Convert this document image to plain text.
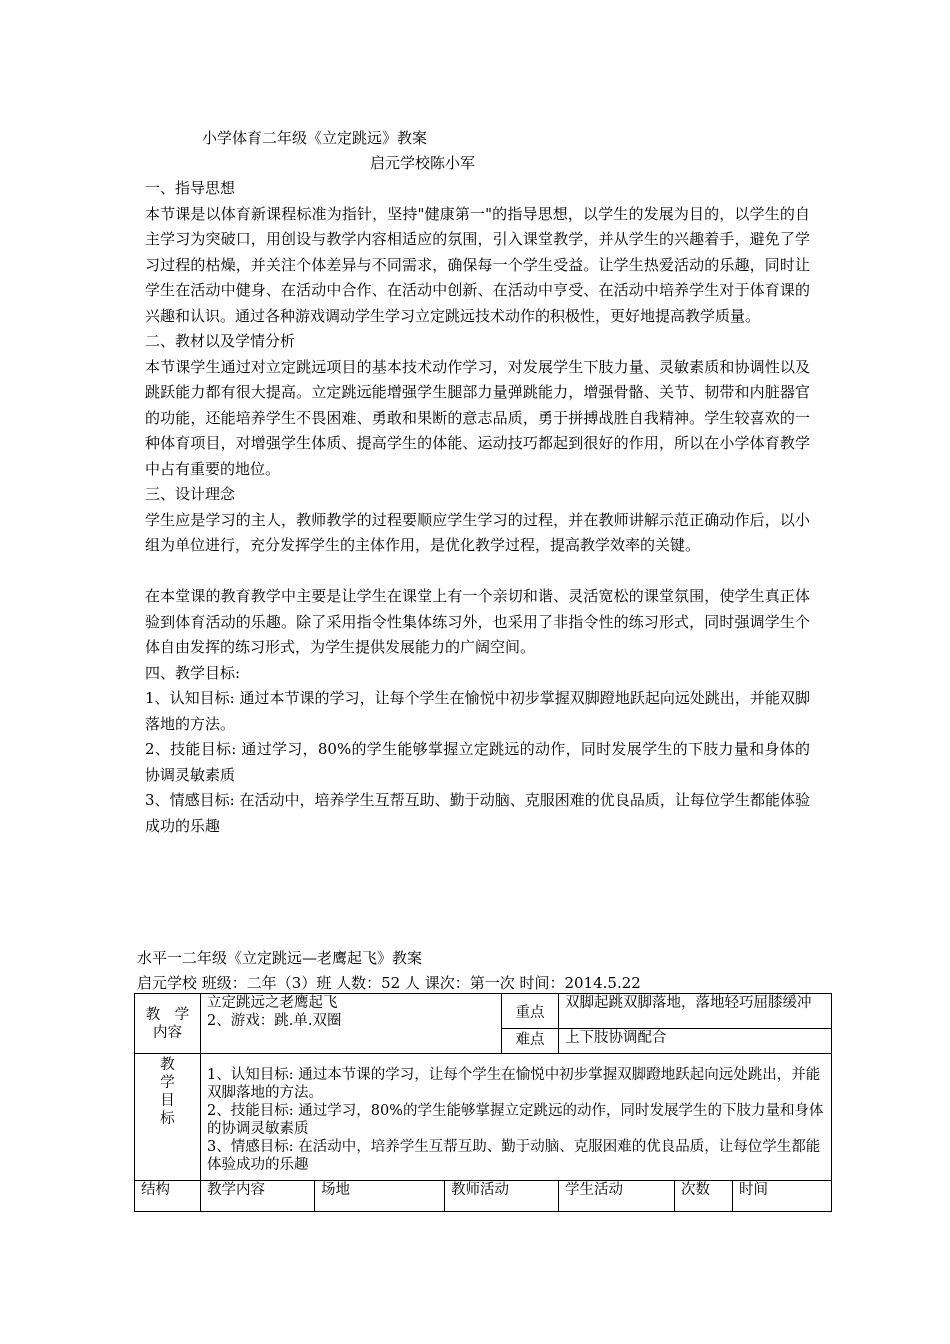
小学体育二年级《立定跳远》教案
启元学校陈小军

一、指导思想

本节课是以体育新课程标准为指针，坚持"健康第一"的指导思想，以学生的发展为目的，以学生的自主学习为突破口，用创设与教学内容相适应的氛围，引入课堂教学，并从学生的兴趣着手，避免了学习过程的枯燥，并关注个体差异与不同需求，确保每一个学生受益。让学生热爱活动的乐趣，同时让学生在活动中健身、在活动中合作、在活动中创新、在活动中亨受、在活动中培养学生对于体育课的兴趣和认识。通过各种游戏调动学生学习立定跳远技术动作的积极性，更好地提高教学质量。

二、教材以及学情分析

本节课学生通过对立定跳远项目的基本技术动作学习，对发展学生下肢力量、灵敏素质和协调性以及跳跃能力都有很大提高。立定跳远能增强学生腿部力量弹跳能力，增强骨骼、关节、韧带和内脏器官的功能，还能培养学生不畏困难、勇敢和果断的意志品质，勇于拼搏战胜自我精神。学生较喜欢的一种体育项目，对增强学生体质、提高学生的体能、运动技巧都起到很好的作用，所以在小学体育教学中占有重要的地位。

三、设计理念

学生应是学习的主人，教师教学的过程要顺应学生学习的过程，并在教师讲解示范正确动作后，以小组为单位进行，充分发挥学生的主体作用，是优化教学过程，提高教学效率的关键。

在本堂课的教育教学中主要是让学生在课堂上有一个亲切和谐、灵活宽松的课堂氛围，使学生真正体验到体育活动的乐趣。除了采用指令性集体练习外，也采用了非指令性的练习形式，同时强调学生个体自由发挥的练习形式，为学生提供发展能力的广阔空间。

四、教学目标:

1、认知目标: 通过本节课的学习，让每个学生在愉悦中初步掌握双脚蹬地跃起向远处跳出，并能双脚落地的方法。

2、技能目标: 通过学习，80%的学生能够掌握立定跳远的动作，同时发展学生的下肢力量和身体的协调灵敏素质

3、情感目标: 在活动中，培养学生互帮互助、勤于动脑、克服困难的优良品质，让每位学生都能体验成功的乐趣

水平一二年级《立定跳远—老鹰起飞》教案
启元学校 班级：二年（3）班 人数：52 人 课次：第一次 时间：2014.5.22
教　学内容	立定跳远之老鹰起飞
2、游戏：跳.单.双圈			重点	双脚起跳双脚落地，落地轻巧屈膝缓冲		
				难点	上下肢协调配合		
教学目标	1、认知目标: 通过本节课的学习，让每个学生在愉悦中初步掌握双脚蹬地跃起向远处跳出，并能双脚落地的方法。
2、技能目标: 通过学习，80%的学生能够掌握立定跳远的动作，同时发展学生的下肢力量和身体的协调灵敏素质
3、情感目标: 在活动中，培养学生互帮互助、勤于动脑、克服困难的优良品质，让每位学生都能体验成功的乐趣						

结构	教学内容	场地	教师活动		学生活动	次数	时间
